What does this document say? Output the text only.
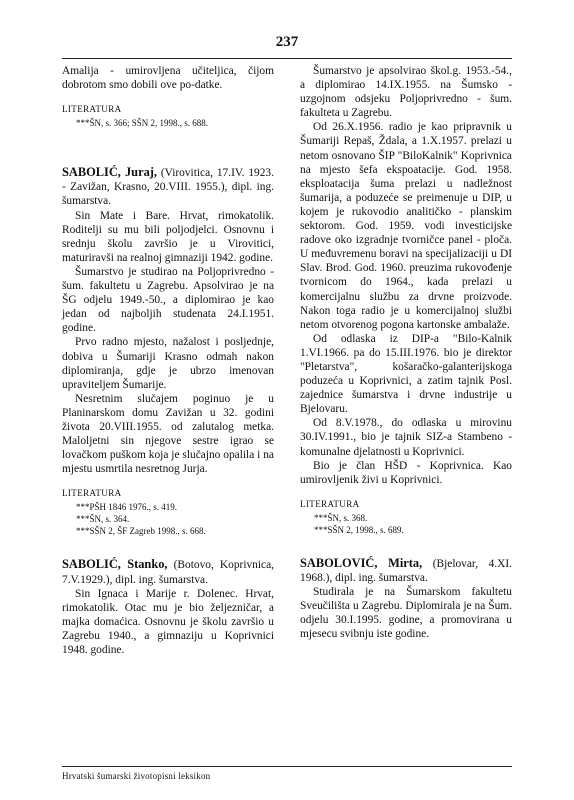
237

Amalija - umirovljena učiteljica, čijom dobrotom smo dobili ove po-datke.

LITERATURA

***ŠN, s. 366; SŠN 2, 1998., s. 688.

SABOLIĆ, Juraj, (Virovitica, 17.IV. 1923. - Zavižan, Krasno, 20.VIII. 1955.), dipl. ing. šumarstva.

Sin Mate i Bare. Hrvat, rimokatolik. Roditelji su mu bili poljodjelci. Osnovnu i srednju školu završio je u Virovitici, maturiravši na realnoj gimnaziji 1942. godine.

Šumarstvo je studirao na Poljoprivredno - šum. fakultetu u Zagrebu. Apsolvirao je na ŠG odjelu 1949.-50., a diplomirao je kao jedan od najboljih studenata 24.I.1951. godine.

Prvo radno mjesto, nažalost i posljednje, dobiva u Šumariji Krasno odmah nakon diplomiranja, gdje je ubrzo imenovan upraviteljem Šumarije.

Nesretnim slučajem poginuo je u Planinarskom domu Zavižan u 32. godini života 20.VIII.1955. od zalutalog metka. Maloljetni sin njegove sestre igrao se lovačkom puškom koja je slučajno opalila i na mjestu usmrtila nesretnog Jurja.

LITERATURA

***PŠH 1846 1976., s. 419.

***ŠN, s. 364.

***SŠN 2, ŠF Zagreb 1998., s. 668.

SABOLIĆ, Stanko, (Botovo, Koprivnica, 7.V.1929.), dipl. ing. šumarstva.

Sin Ignaca i Marije r. Dolenec. Hrvat, rimokatolik. Otac mu je bio željezničar, a majka domaćica. Osnovnu je školu završio u Zagrebu 1940., a gimnaziju u Koprivnici 1948. godine.

Šumarstvo je apsolvirao škol.g. 1953.-54., a diplomirao 14.IX.1955. na Šumsko - uzgojnom odsjeku Poljoprivredno - šum. fakulteta u Zagrebu.

Od 26.X.1956. radio je kao pripravnik u Šumariji Repaš, Ždala, a 1.X.1957. prelazi u netom osnovano ŠIP "BiloKalnik" Koprivnica na mjesto šefa ekspoatacije. God. 1958. eksploatacija šuma prelazi u nadležnost šumarija, a poduzeće se preimenuje u DIP, u kojem je rukovodio analitičko - planskim sektorom. God. 1959. vodi investicijske radove oko izgradnje tvorničce panel - ploča. U međuvremenu boravi na specijalizaciji u DI Slav. Brod. God. 1960. preuzima rukovođenje tvornicom do 1964., kada prelazi u komercijalnu službu za drvne proizvode. Nakon toga radio je u komercijalnoj službi netom otvorenog pogona kartonske ambalaže.

Od odlaska iz DIP-a "Bilo-Kalnik 1.VI.1966. pa do 15.III.1976. bio je direktor "Pletarstva", košaračko-galanterijskoga poduzeća u Koprivnici, a zatim tajnik Posl. zajednice šumarstva i drvne industrije u Bjelovaru.

Od 8.V.1978., do odlaska u mirovinu 30.IV.1991., bio je tajnik SIZ-a Stambeno - komunalne djelatnosti u Koprivnici.

Bio je član HŠD - Koprivnica. Kao umirovljenik živi u Koprivnici.

LITERATURA

***ŠN, s. 368.

***SŠN 2, 1998., s. 689.

SABOLOVIĆ, Mirta, (Bjelovar, 4.XI. 1968.), dipl. ing. šumarstva.

Studirala je na Šumarskom fakultetu Sveučilišta u Zagrebu. Diplomirala je na Šum. odjelu 30.I.1995. godine, a promovirana u mjesecu svibnju iste godine.

Hrvatski šumarski životopisni leksikon
